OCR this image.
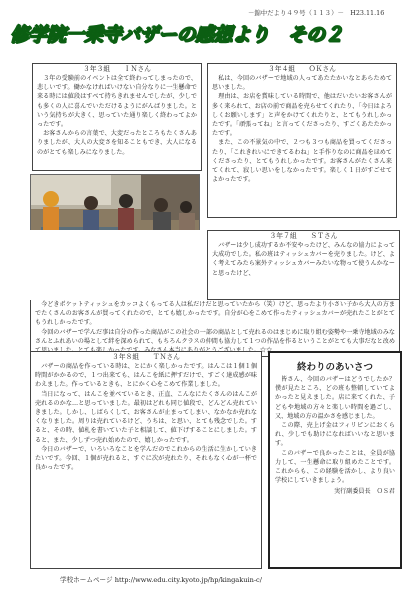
－錦中だより４９号（１１３）－　H23.11.16
修学院一乗寺バザーの感想より　その２
３年３組　　ＩＮさん

３年の受験前のイベントは全て終わってしまったので、悲しいです。働かなければいけない自分なりに一生懸命で来る時には値段はすべて持ちきれませんでしたが、少しでも多くの人に喜んでいただけるようにがんばりました。という気持ちが大きく、思っていた通り楽しく終わってよかったです。

お客さんからの言葉で、大変だったところもたくさんありましたが、大人の大変さを知ることもでき、大人になるのがとても楽しみになりました。

３年４組　　ＯＫさん

私は、今回のバザーで地域の人ってあたたかいなとあらためて思いました。

理由は、お店を賞味している時間で、他はだいたいお客さんが多く来られて、お店の前で商品を売らせてくれたり、「今日はよろしくお願いします」と声をかけてくれたりと、とてもうれしかったです。「頑張ってね」と言ってくださったり、すごくあたたかったです。

また、この不景気の中で、２つも３つも商品を買ってくださったり、「これきれいにできてるわね」と手作りなのに商品をほめてくださったり、とてもうれしかったです。お客さんがたくさん来てくれて、寂しい思いをしなかったです。楽しく１日がすごせてよかったです。

３年７組　　ＳＴさん

バザーは少し成功するか不安やったけど、みんなの協力によって大成功でした。私の班はティッシュカバーを売りました。けど、よく考えてみたら案外ティッシュカバーみたいな物って使うんかなーと思ったけど、

今どきポケットティッシュをカッコよくもってる人は私だけだと思っていたから（笑）けど、思ったより小さい子から大人の方までたくさんのお客さんが買ってくれたので、とても嬉しかったです。自分が心をこめて作ったティッシュカバーが売れたことがとてもうれしかったです。

今回のバザーで学んだ事は自分の作った商品がこの社会の一部の商品として売れるのはまじめに取り組む姿勢や一乗寺地域のみなさんとふれあいの場として絆を深められて、もちろんクラスの仲間も協力して１つの作品を作るということがとても大事だなと改め 。☆☆

３年８組　　ＴＮさん

バザーの商品を作っている時は、とにかく楽しかったです。はんこは１個１個時間がかかるので、１つ出来ても、はんこを紙に押すだけで、すごく達成感が味わえました。作っているときも、とにかく心をこめて作業しました。

当日になって、はんこを並べているとき、正直、こんなにたくさんのはんこが売れるのかな…と思っていました。最初はどれも同じ値段で、どんどん売れていきました。しかし、しばらくして、お客さんが止まってしまい、なかなか売れなくなりました。周りは売れているけど、うちは、と思い、とても残念でした。すると、その時、値札を書いていた子と相談して、値下げすることにしました。すると、また、少しずつ売れ始めたので、嬉しかったです。

今日のバザーで、いろいろなことを学んだのでこれからの生活に生かしていきたいです。今回、１個が売れると、すぐに次が売れたり、それもなく心が一杯で良かったです。

終わりのあいさつ

皆さん、今回のバザーはどうでしたか？僕が見たところ、どの班も整頓していてよかったと見えました。店に来てくれた、子どもや地域の方々と楽しい時間を過ごし、又、地域の方の温かさを感じました。

この際、売上げ金はフィリピンにおくられ、少しでも助けになればいいなと思います。

このバザーで良かったことは、全員が協力して、一生懸命に取り組めたことです。これからも、この経験を活かし、より良い学校にしていきましょう。

実行副委員長　ＯＳ君
学校ホームページ http://www.edu.city.kyoto.jp/hp/kingakuin-c/
